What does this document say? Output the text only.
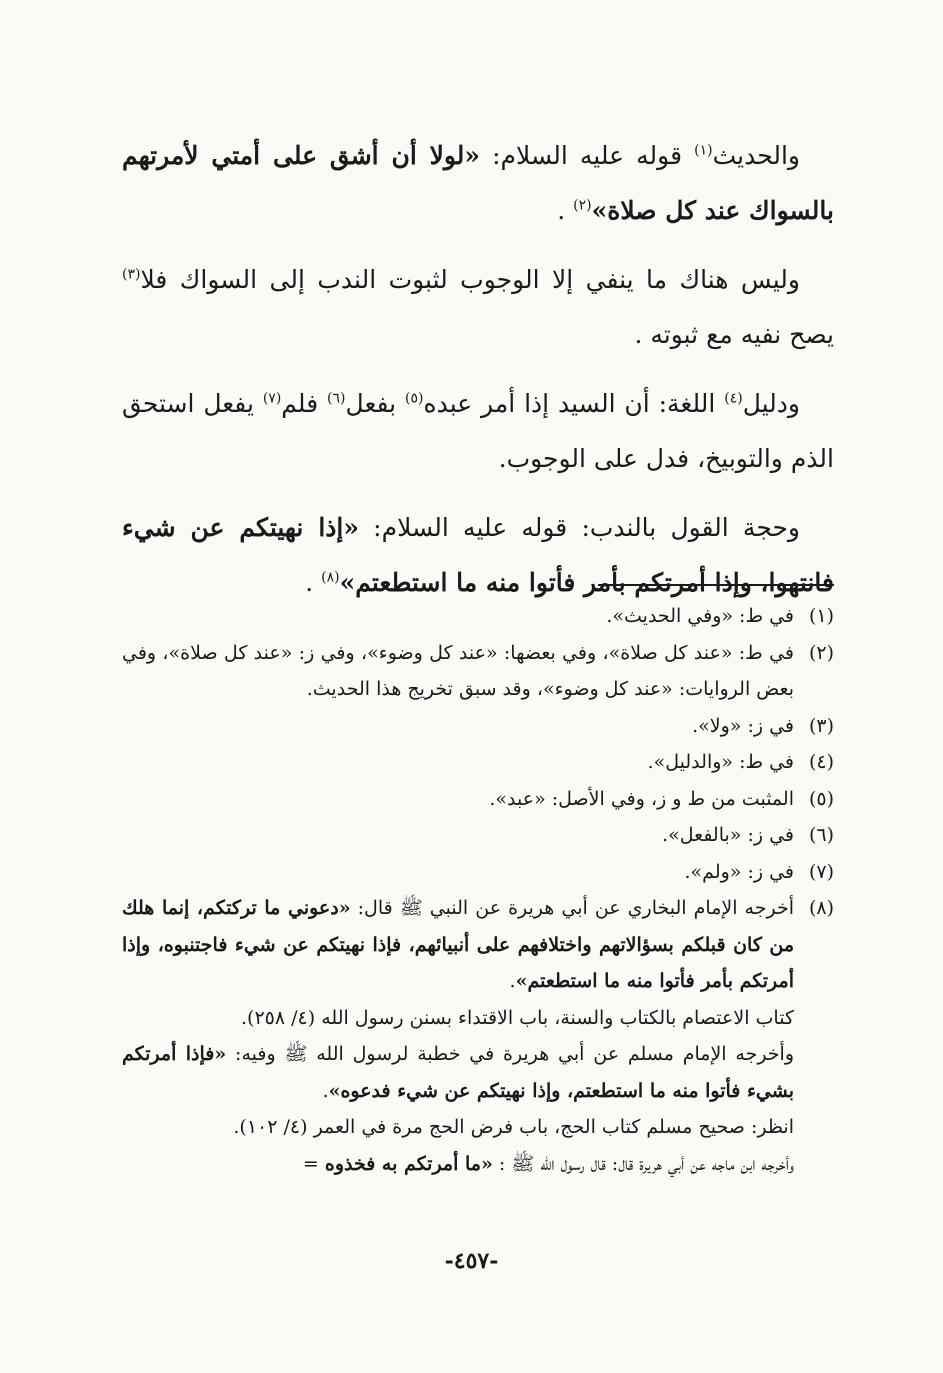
والحديث$^{(١)}$ قوله عليه السلام: «لولا أن أشق على أمتي لأمرتهم بالسواك عند كل صلاة»$^{(٢)}$ .

وليس هناك ما ينفي إلا الوجوب لثبوت الندب إلى السواك فلا$^{(٣)}$ يصح نفيه مع ثبوته .

ودليل$^{(٤)}$ اللغة: أن السيد إذا أمر عبده$^{(٥)}$ بفعل$^{(٦)}$ فلم$^{(٧)}$ يفعل استحق الذم والتوبيخ، فدل على الوجوب.

وحجة القول بالندب: قوله عليه السلام: «إذا نهيتكم عن شيء فانتهوا، وإذا أمرتكم بأمر فأتوا منه ما استطعتم»$^{(٨)}$ .

(١)
في ط: «وفي الحديث».
(٢)
في ط: «عند كل صلاة»، وفي بعضها: «عند كل وضوء»، وفي ز: «عند كل صلاة»، وفي بعض الروايات: «عند كل وضوء»، وقد سبق تخريج هذا الحديث.
(٣)
في ز: «ولا».
(٤)
في ط: «والدليل».
(٥)
المثبت من ط و ز، وفي الأصل: «عبد».
(٦)
في ز: «بالفعل».
(٧)
في ز: «ولم».
(٨)
أخرجه الإمام البخاري عن أبي هريرة عن النبي ﷺ قال: «دعوني ما تركتكم، إنما هلك من كان قبلكم بسؤالاتهم واختلافهم على أنبيائهم، فإذا نهيتكم عن شيء فاجتنبوه، وإذا أمرتكم بأمر فأتوا منه ما استطعتم».
كتاب الاعتصام بالكتاب والسنة، باب الاقتداء بسنن رسول الله (٤/ ٢٥٨).
وأخرجه الإمام مسلم عن أبي هريرة في خطبة لرسول الله ﷺ وفيه: «فإذا أمرتكم بشيء فأتوا منه ما استطعتم، وإذا نهيتكم عن شيء فدعوه».
انظر: صحيح مسلم كتاب الحج، باب فرض الحج مرة في العمر (٤/ ١٠٢).
وأخرجه ابن ماجه عن أبي هريرة قال: قال رسول الله ﷺ : «ما أمرتكم به فخذوه =
-٤٥٧-
